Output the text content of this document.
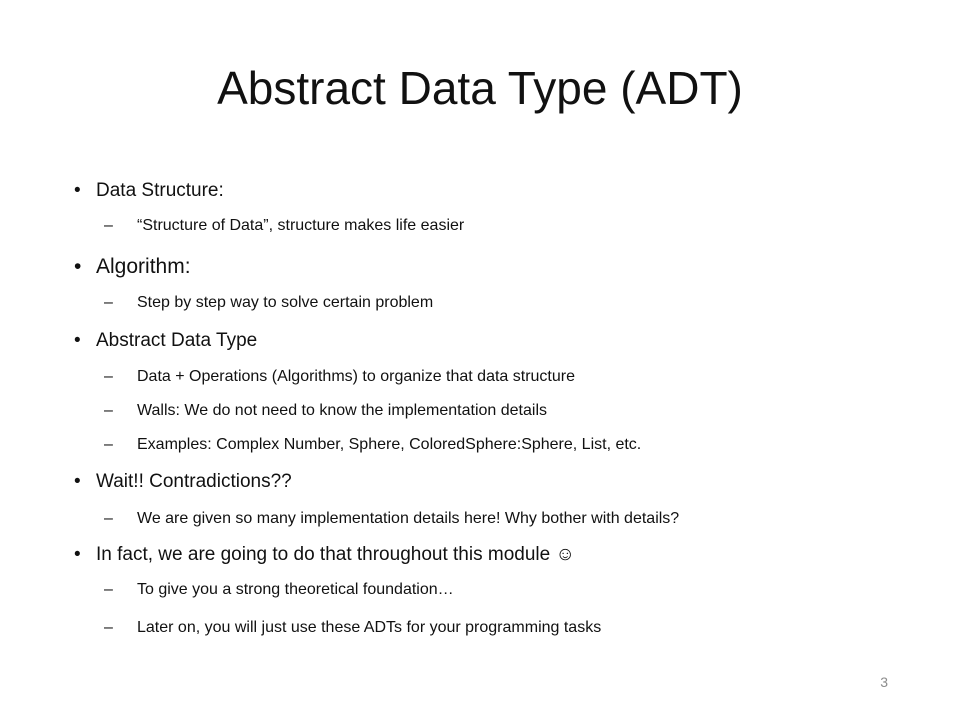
Abstract Data Type (ADT)
• Data Structure:
– “Structure of Data”, structure makes life easier
• Algorithm:
– Step by step way to solve certain problem
• Abstract Data Type
– Data + Operations (Algorithms) to organize that data structure
– Walls: We do not need to know the implementation details
– Examples: Complex Number, Sphere, ColoredSphere:Sphere, List, etc.
• Wait!! Contradictions??
– We are given so many implementation details here! Why bother with details?
• In fact, we are going to do that throughout this module ☺
– To give you a strong theoretical foundation…
– Later on, you will just use these ADTs for your programming tasks
3
